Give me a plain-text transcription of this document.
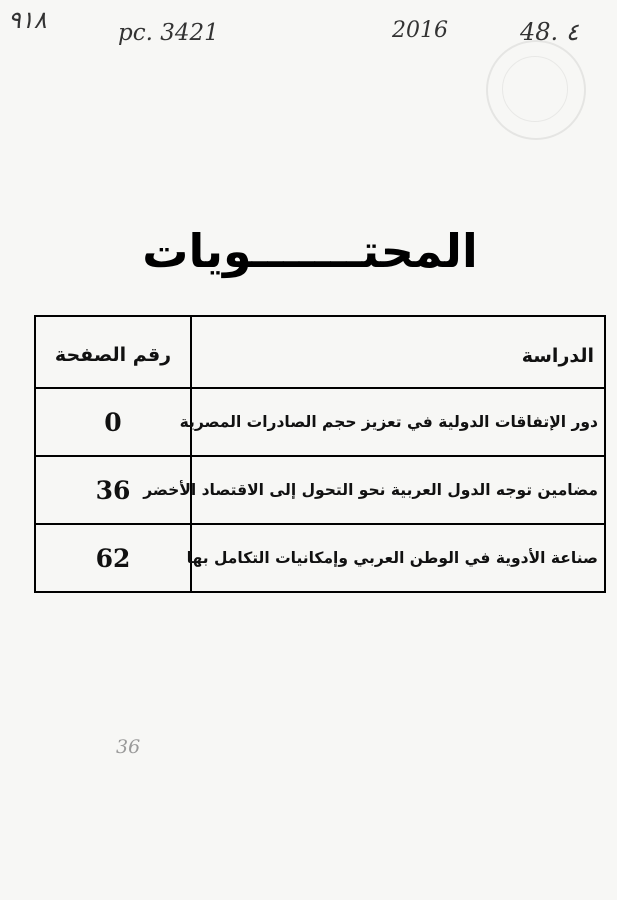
۹۱۸	pc. 3421	2016	48. ٤
المحتـــــــويات
الدراسة	رقم الصفحة
دور الإتفاقات الدولية في تعزيز حجم الصادرات المصرية	0
مضامين توجه الدول العربية نحو التحول إلى الاقتصاد الأخضر	36
صناعة الأدوية في الوطن العربي وإمكانيات التكامل بها	62
36
